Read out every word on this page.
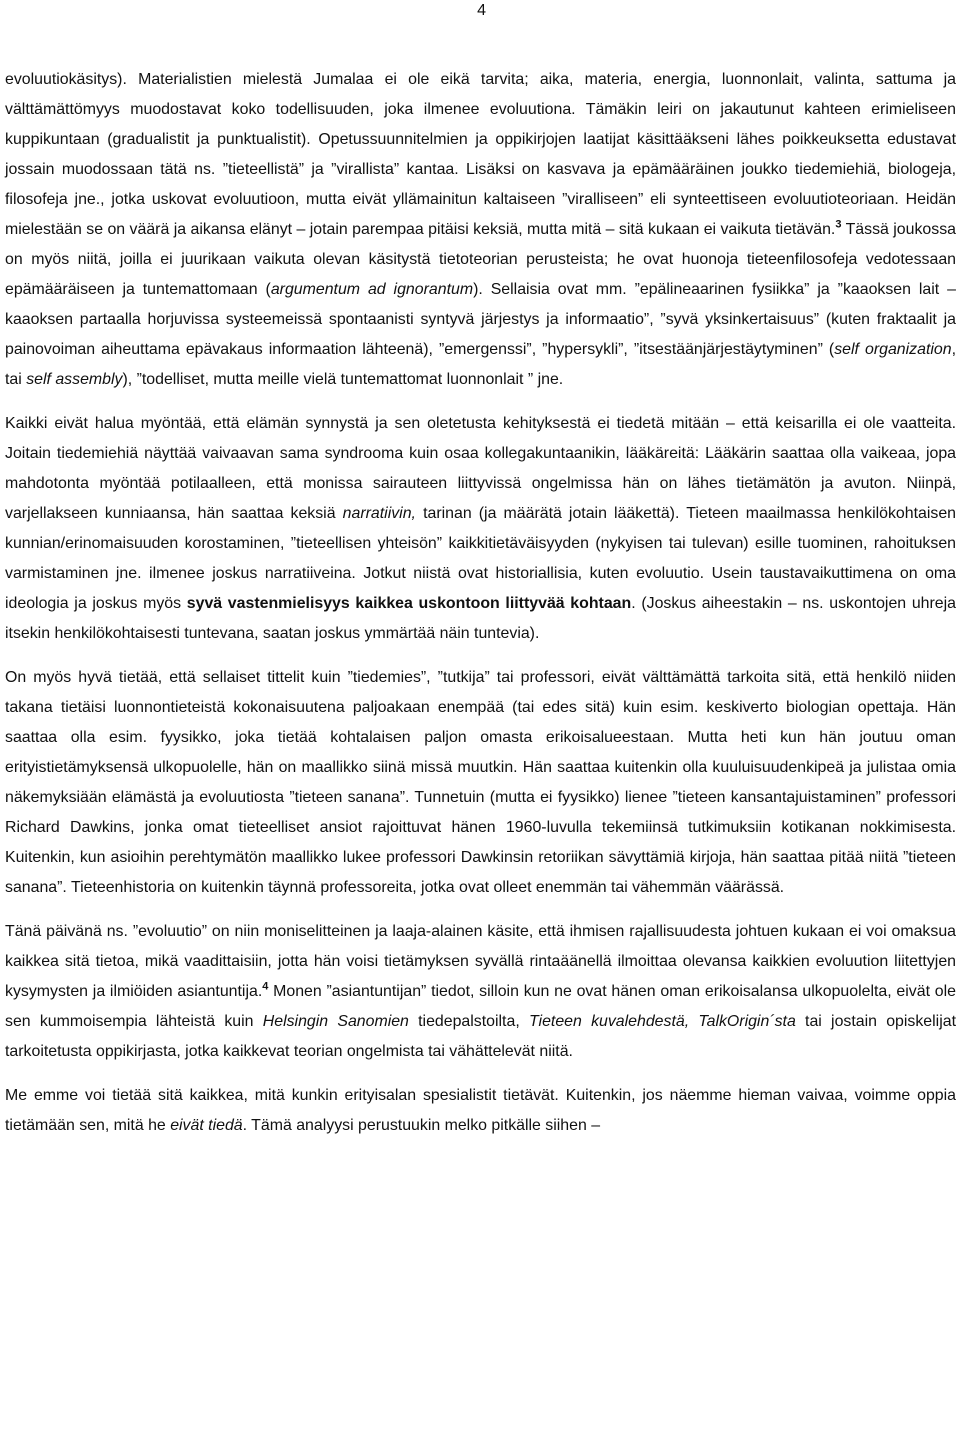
4

evoluutiokäsitys). Materialistien mielestä Jumalaa ei ole eikä tarvita; aika, materia, energia, luonnonlait, valinta, sattuma ja välttämättömyys muodostavat koko todellisuuden, joka ilmenee evoluutiona. Tämäkin leiri on jakautunut kahteen erimieliseen kuppikuntaan (gradualistit ja punktualistit). Opetussuunnitelmien ja oppikirjojen laatijat käsittääkseni lähes poikkeuksetta edustavat jossain muodossaan tätä ns. ”tieteellistä” ja ”virallista” kantaa. Lisäksi on kasvava ja epämääräinen joukko tiedemiehiä, biologeja, filosofeja jne., jotka uskovat evoluutioon, mutta eivät yllämainitun kaltaiseen ”viralliseen” eli synteettiseen evoluutioteoriaan. Heidän mielestään se on väärä ja aikansa elänyt – jotain parempaa pitäisi keksiä, mutta mitä – sitä kukaan ei vaikuta tietävän.$^3$ Tässä joukossa on myös niitä, joilla ei juurikaan vaikuta olevan käsitystä tietoteorian perusteista; he ovat huonoja tieteenfilosofeja vedotessaan epämääräiseen ja tuntemattomaan (argumentum ad ignorantum). Sellaisia ovat mm. ”epälineaarinen fysiikka” ja ”kaaoksen lait – kaaoksen partaalla horjuvissa systeemeissä spontaanisti syntyvä järjestys ja informaatio”, ”syvä yksinkertaisuus” (kuten fraktaalit ja painovoiman aiheuttama epävakaus informaation lähteenä), ”emergenssi”, ”hypersykli”, ”itsestäänjärjestäytyminen” (self organization, tai self assembly), ”todelliset, mutta meille vielä tuntemattomat luonnonlait ” jne.

Kaikki eivät halua myöntää, että elämän synnystä ja sen oletetusta kehityksestä ei tiedetä mitään – että keisarilla ei ole vaatteita. Joitain tiedemiehiä näyttää vaivaavan sama syndrooma kuin osaa kollegakuntaanikin, lääkäreitä: Lääkärin saattaa olla vaikeaa, jopa mahdotonta myöntää potilaalleen, että monissa sairauteen liittyvissä ongelmissa hän on lähes tietämätön ja avuton. Niinpä, varjellakseen kunniaansa, hän saattaa keksiä narratiivin, tarinan (ja määrätä jotain lääkettä). Tieteen maailmassa henkilökohtaisen kunnian/erinomaisuuden korostaminen, ”tieteellisen yhteisön” kaikkitietäväisyyden (nykyisen tai tulevan) esille tuominen, rahoituksen varmistaminen jne. ilmenee joskus narratiiveina. Jotkut niistä ovat historiallisia, kuten evoluutio. Usein taustavaikuttimena on oma ideologia ja joskus myös syvä vastenmielisyys kaikkea uskontoon liittyvää kohtaan. (Joskus aiheestakin – ns. uskontojen uhreja itsekin henkilökohtaisesti tuntevana, saatan joskus ymmärtää näin tuntevia).

On myös hyvä tietää, että sellaiset tittelit kuin ”tiedemies”, ”tutkija” tai professori, eivät välttämättä tarkoita sitä, että henkilö niiden takana tietäisi luonnontieteistä kokonaisuutena paljoakaan enempää (tai edes sitä) kuin esim. keskiverto biologian opettaja. Hän saattaa olla esim. fyysikko, joka tietää kohtalaisen paljon omasta erikoisalueestaan. Mutta heti kun hän joutuu oman erityistietämyksensä ulkopuolelle, hän on maallikko siinä missä muutkin. Hän saattaa kuitenkin olla kuuluisuudenkipeä ja julistaa omia näkemyksiään elämästä ja evoluutiosta ”tieteen sanana”. Tunnetuin (mutta ei fyysikko) lienee ”tieteen kansantajuistaminen” professori Richard Dawkins, jonka omat tieteelliset ansiot rajoittuvat hänen 1960-luvulla tekemiinsä tutkimuksiin kotikanan nokkimisesta. Kuitenkin, kun asioihin perehtymätön maallikko lukee professori Dawkinsin retoriikan sävyttämiä kirjoja, hän saattaa pitää niitä ”tieteen sanana”. Tieteenhistoria on kuitenkin täynnä professoreita, jotka ovat olleet enemmän tai vähemmän väärässä.

Tänä päivänä ns. ”evoluutio” on niin moniselitteinen ja laaja-alainen käsite, että ihmisen rajallisuudesta johtuen kukaan ei voi omaksua kaikkea sitä tietoa, mikä vaadittaisiin, jotta hän voisi tietämyksen syvällä rintaäänellä ilmoittaa olevansa kaikkien evoluution liitettyjen kysymysten ja ilmiöiden asiantuntija.$^4$ Monen ”asiantuntijan” tiedot, silloin kun ne ovat hänen oman erikoisalansa ulkopuolelta, eivät ole sen kummoisempia lähteistä kuin Helsingin Sanomien tiedepalstoilta, Tieteen kuvalehdestä, TalkOrigin´sta tai jostain opiskelijat tarkoitetusta oppikirjasta, jotka kaikkevat teorian ongelmista tai vähättelevät niitä.

Me emme voi tietää sitä kaikkea, mitä kunkin erityisalan spesialistit tietävät. Kuitenkin, jos näemme hieman vaivaa, voimme oppia tietämään sen, mitä he eivät tiedä. Tämä analyysi perustuukin melko pitkälle siihen –
